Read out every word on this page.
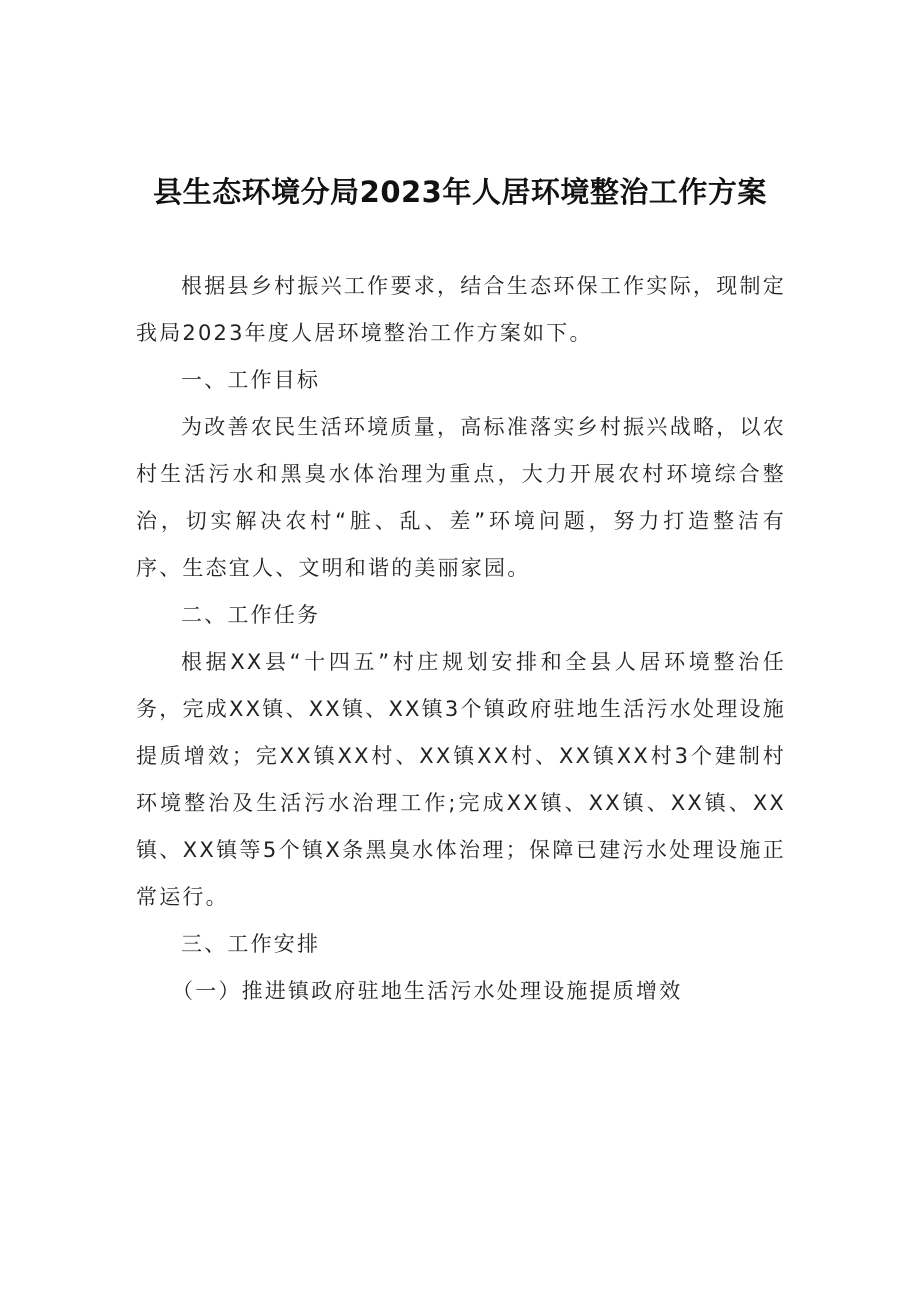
县生态环境分局2023年人居环境整治工作方案

根据县乡村振兴工作要求，结合生态环保工作实际，现制定我局2023年度人居环境整治工作方案如下。

一、工作目标

为改善农民生活环境质量，高标准落实乡村振兴战略，以农村生活污水和黑臭水体治理为重点，大力开展农村环境综合整治，切实解决农村“脏、乱、差”环境问题，努力打造整洁有序、生态宜人、文明和谐的美丽家园。

二、工作任务

根据XX县“十四五”村庄规划安排和全县人居环境整治任务，完成XX镇、XX镇、XX镇3个镇政府驻地生活污水处理设施提质增效；完XX镇XX村、XX镇XX村、XX镇XX村3个建制村环境整治及生活污水治理工作;完成XX镇、XX镇、XX镇、XX镇、XX镇等5个镇X条黑臭水体治理；保障已建污水处理设施正常运行。

三、工作安排

（一）推进镇政府驻地生活污水处理设施提质增效
